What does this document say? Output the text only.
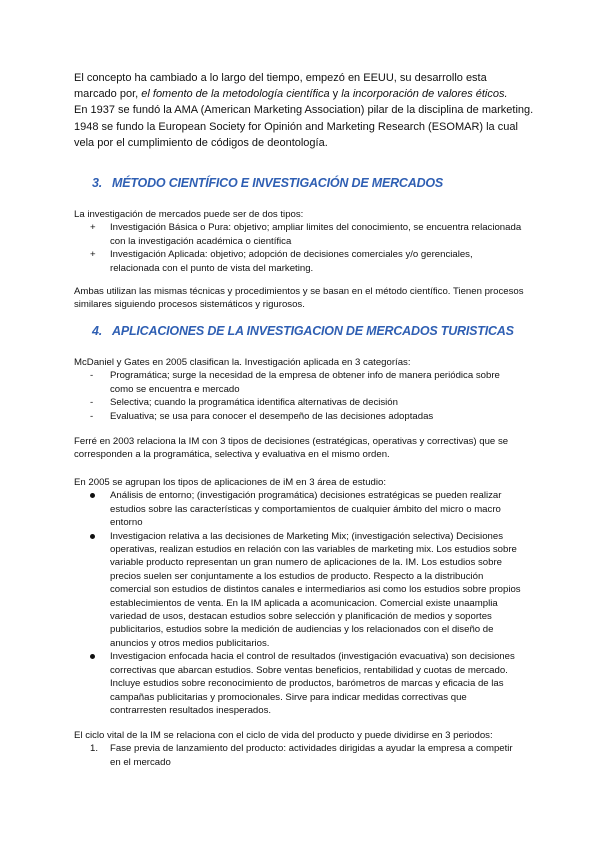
El concepto ha cambiado a lo largo del tiempo, empezó en EEUU, su desarrollo esta

marcado por, el fomento de la metodología científica y la incorporación de valores éticos.

En 1937 se fundó la AMA (American Marketing Association) pilar de la disciplina de marketing.

1948 se fundo la European Society for Opinión and Marketing Research (ESOMAR) la cual vela por el cumplimiento de códigos de deontología.

3. MÉTODO CIENTÍFICO E INVESTIGACIÓN DE MERCADOS

La investigación de mercados puede ser de dos tipos:

+ Investigación Básica o Pura: objetivo; ampliar limites del conocimiento, se encuentra relacionada con la investigación académica o científica
+ Investigación Aplicada: objetivo; adopción de decisiones comerciales y/o gerenciales, relacionada con el punto de vista del marketing.

Ambas utilizan las mismas técnicas y procedimientos y se basan en el método científico. Tienen procesos similares siguiendo procesos sistemáticos y rigurosos.

4. APLICACIONES DE LA INVESTIGACION DE MERCADOS TURISTICAS

McDaniel y Gates en 2005 clasifican la. Investigación aplicada en 3 categorías:

- Programática; surge la necesidad de la empresa de obtener info de manera periódica sobre como se encuentra e mercado
- Selectiva; cuando la programática identifica alternativas de decisión
- Evaluativa; se usa para conocer el desempeño de las decisiones adoptadas

Ferré en 2003 relaciona la IM con 3 tipos de decisiones (estratégicas, operativas y correctivas) que se corresponden a la programática, selectiva y evaluativa en el mismo orden.

En 2005 se agrupan los tipos de aplicaciones de iM en 3 área de estudio:

Análisis de entorno; (investigación programática) decisiones estratégicas se pueden realizar estudios sobre las características y comportamientos de cualquier ámbito del micro o macro entorno
Investigacion relativa a las decisiones de Marketing Mix; (investigación selectiva) Decisiones operativas, realizan estudios en relación con las variables de marketing mix. Los estudios sobre variable producto representan un gran numero de aplicaciones de la. IM. Los estudios sobre precios suelen ser conjuntamente a los estudios de producto. Respecto a la distribución comercial son estudios de distintos canales e intermediarios asi como los estudios sobre propios establecimientos de venta. En la IM aplicada a acomunicacion. Comercial existe unaamplia variedad de usos, destacan estudios sobre selección y planificación de medios y soportes publicitarios, estudios sobre la medición de audiencias y los relacionados con el diseño de anuncios y otros medios publicitarios.
Investigacion enfocada hacia el control de resultados (investigación evacuativa) son decisiones correctivas que abarcan estudios. Sobre ventas beneficios, rentabilidad y cuotas de mercado. Incluye estudios sobre reconocimiento de productos, barómetros de marcas y eficacia de las campañas publicitarias y promocionales. Sirve para indicar medidas correctivas que contrarresten resultados inesperados.

El ciclo vital de la IM se relaciona con el ciclo de vida del producto y puede dividirse en 3 periodos:

1. Fase previa de lanzamiento del producto: actividades dirigidas a ayudar la empresa a competir en el mercado
